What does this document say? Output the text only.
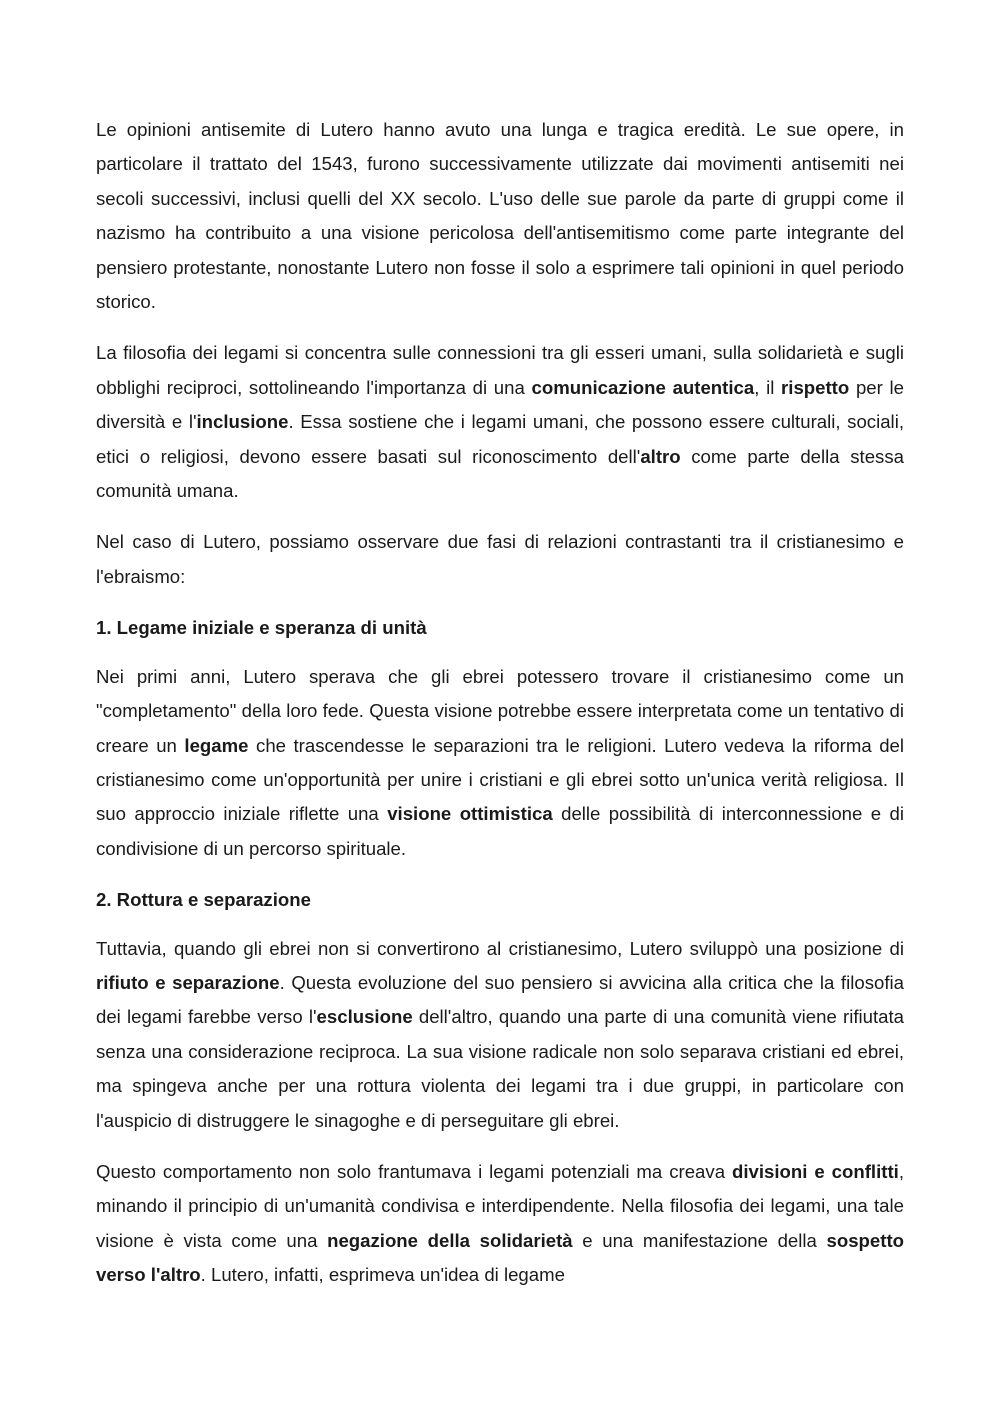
Le opinioni antisemite di Lutero hanno avuto una lunga e tragica eredità. Le sue opere, in particolare il trattato del 1543, furono successivamente utilizzate dai movimenti antisemiti nei secoli successivi, inclusi quelli del XX secolo. L'uso delle sue parole da parte di gruppi come il nazismo ha contribuito a una visione pericolosa dell'antisemitismo come parte integrante del pensiero protestante, nonostante Lutero non fosse il solo a esprimere tali opinioni in quel periodo storico.

La filosofia dei legami si concentra sulle connessioni tra gli esseri umani, sulla solidarietà e sugli obblighi reciproci, sottolineando l'importanza di una comunicazione autentica, il rispetto per le diversità e l'inclusione. Essa sostiene che i legami umani, che possono essere culturali, sociali, etici o religiosi, devono essere basati sul riconoscimento dell'altro come parte della stessa comunità umana.

Nel caso di Lutero, possiamo osservare due fasi di relazioni contrastanti tra il cristianesimo e l'ebraismo:

1. Legame iniziale e speranza di unità

Nei primi anni, Lutero sperava che gli ebrei potessero trovare il cristianesimo come un "completamento" della loro fede. Questa visione potrebbe essere interpretata come un tentativo di creare un legame che trascendesse le separazioni tra le religioni. Lutero vedeva la riforma del cristianesimo come un'opportunità per unire i cristiani e gli ebrei sotto un'unica verità religiosa. Il suo approccio iniziale riflette una visione ottimistica delle possibilità di interconnessione e di condivisione di un percorso spirituale.

2. Rottura e separazione

Tuttavia, quando gli ebrei non si convertirono al cristianesimo, Lutero sviluppò una posizione di rifiuto e separazione. Questa evoluzione del suo pensiero si avvicina alla critica che la filosofia dei legami farebbe verso l'esclusione dell'altro, quando una parte di una comunità viene rifiutata senza una considerazione reciproca. La sua visione radicale non solo separava cristiani ed ebrei, ma spingeva anche per una rottura violenta dei legami tra i due gruppi, in particolare con l'auspicio di distruggere le sinagoghe e di perseguitare gli ebrei.

Questo comportamento non solo frantumava i legami potenziali ma creava divisioni e conflitti, minando il principio di un'umanità condivisa e interdipendente. Nella filosofia dei legami, una tale visione è vista come una negazione della solidarietà e una manifestazione della sospetto verso l'altro. Lutero, infatti, esprimeva un'idea di legame
